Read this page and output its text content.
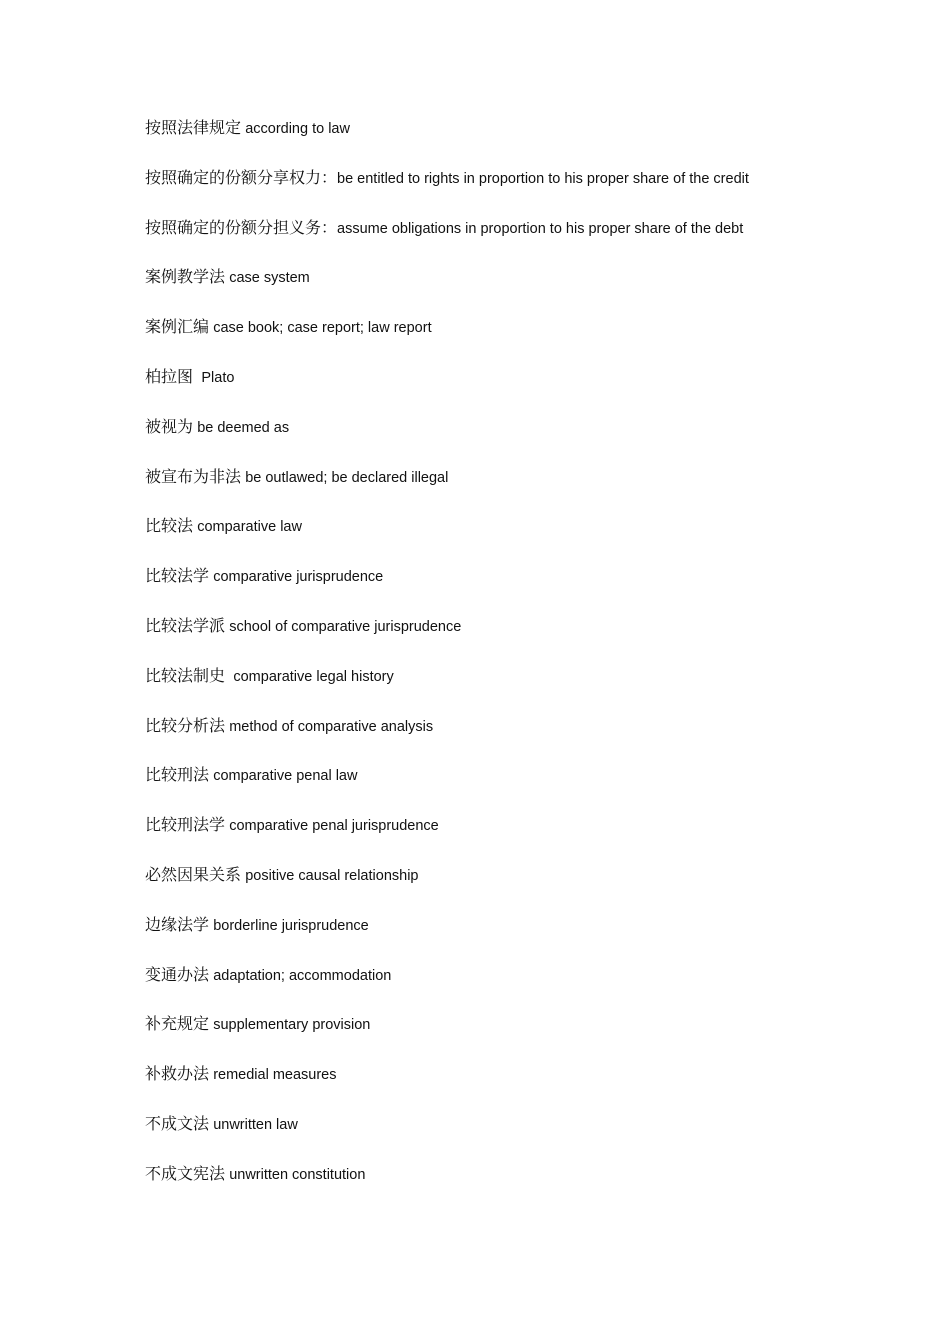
按照法律规定 according to law
按照确定的份额分享权力：be entitled to rights in proportion to his proper share of the credit
按照确定的份额分担义务：assume obligations in proportion to his proper share of the debt
案例教学法 case system
案例汇编 case book; case report; law report
柏拉图 Plato
被视为 be deemed as
被宣布为非法 be outlawed; be declared illegal
比较法 comparative law
比较法学 comparative jurisprudence
比较法学派 school of comparative jurisprudence
比较法制史 comparative legal history
比较分析法 method of comparative analysis
比较刑法 comparative penal law
比较刑法学 comparative penal jurisprudence
必然因果关系 positive causal relationship
边缘法学 borderline jurisprudence
变通办法 adaptation; accommodation
补充规定 supplementary provision
补救办法 remedial measures
不成文法 unwritten law
不成文宪法 unwritten constitution
